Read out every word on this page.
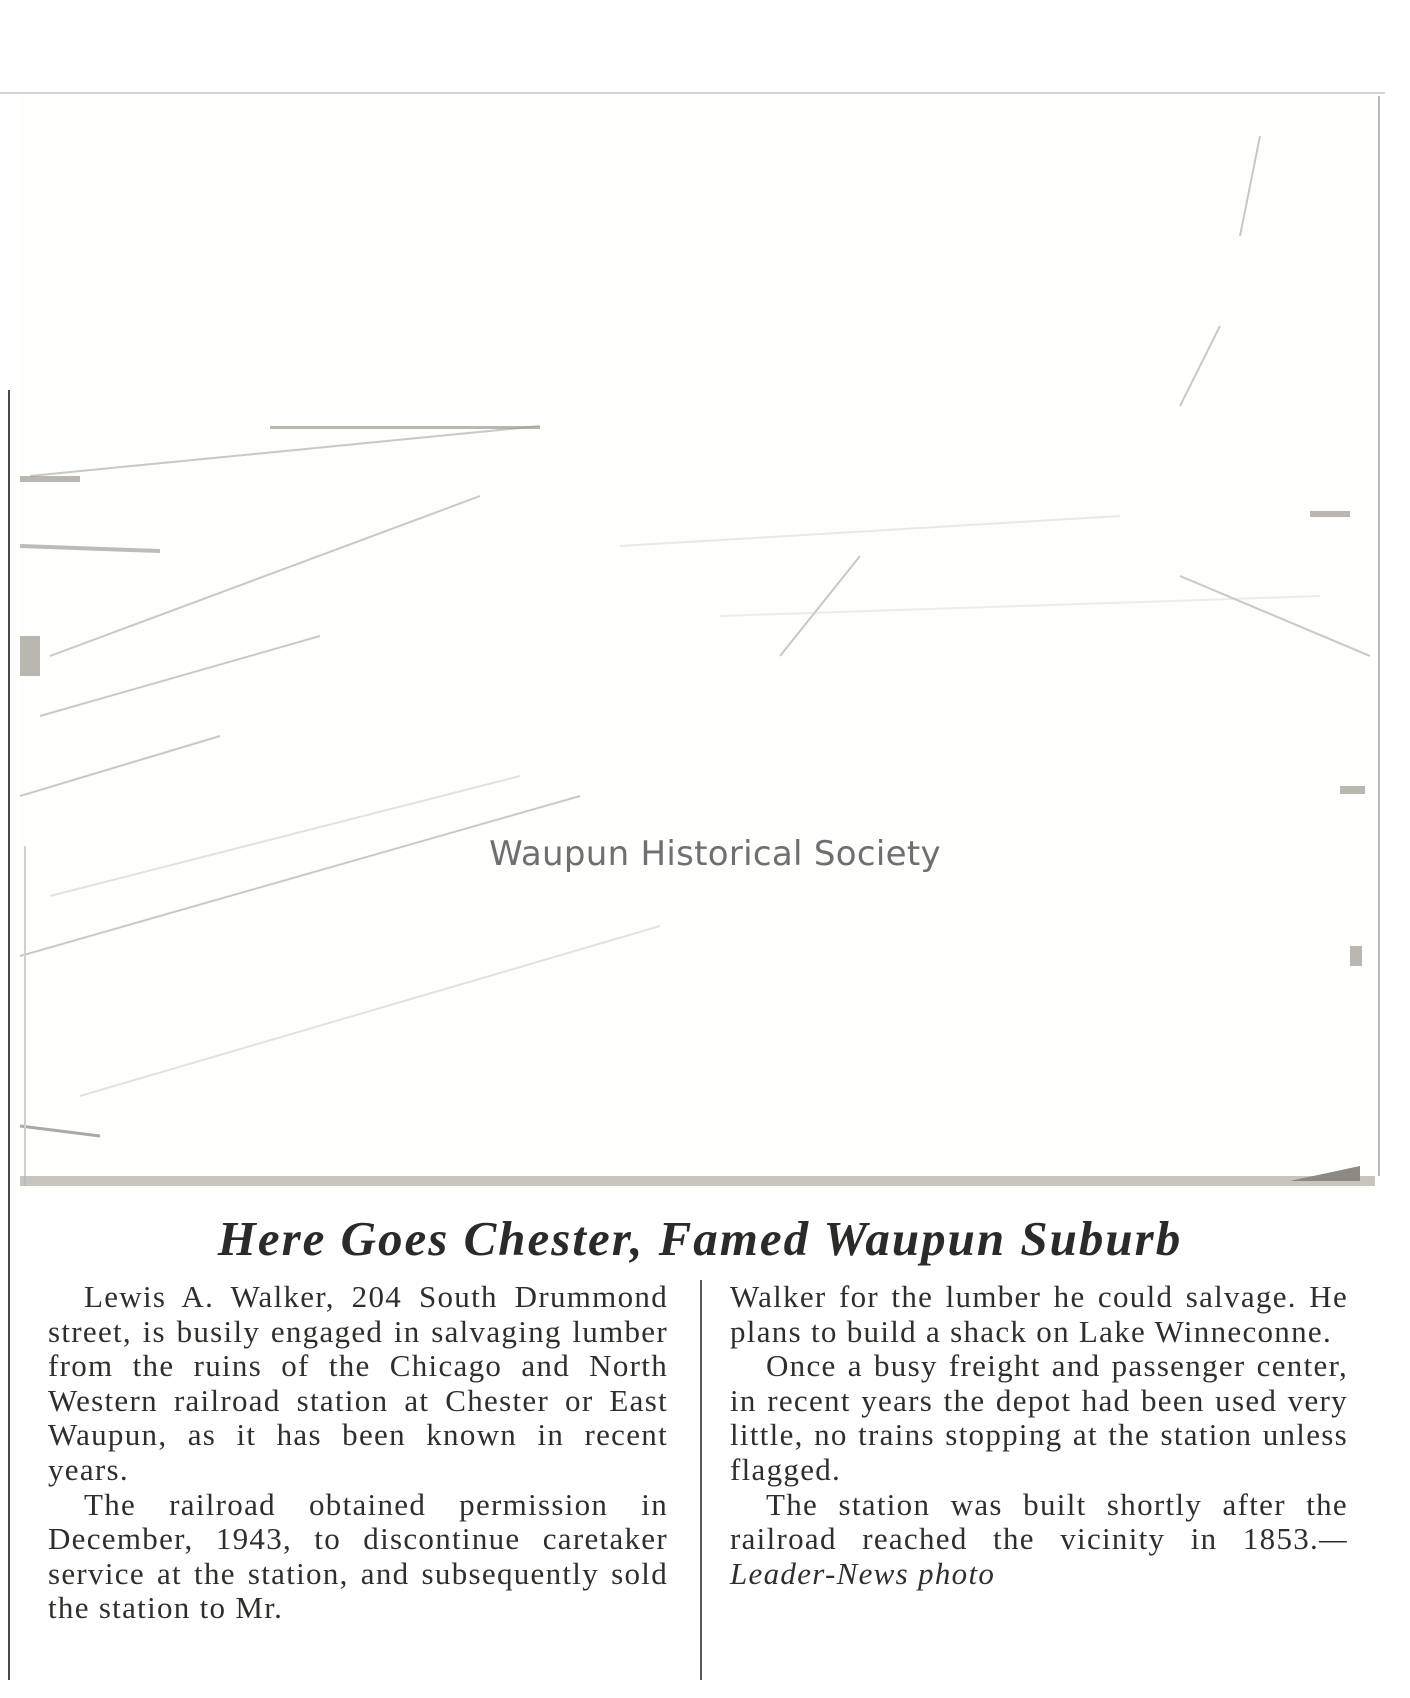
Waupun Historical Society
Here Goes Chester, Famed Waupun Suburb

Lewis A. Walker, 204 South Drummond street, is busily engaged in salvaging lumber from the ruins of the Chicago and North Western railroad station at Chester or East Waupun, as it has been known in recent years.

The railroad obtained permission in December, 1943, to discontinue caretaker service at the station, and subsequently sold the station to Mr.

Walker for the lumber he could salvage. He plans to build a shack on Lake Winneconne.

Once a busy freight and passenger center, in recent years the depot had been used very little, no trains stopping at the station unless flagged.

The station was built shortly after the railroad reached the vicinity in 1853.—Leader-News photo
